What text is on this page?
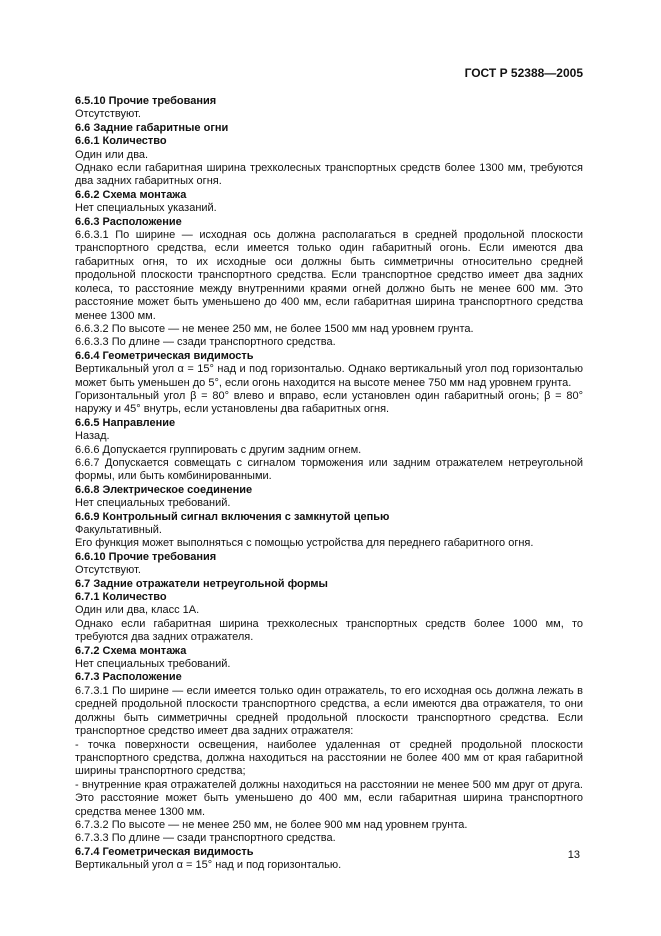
ГОСТ Р 52388—2005

6.5.10 Прочие требования

Отсутствуют.

6.6 Задние габаритные огни

6.6.1 Количество

Один или два.

Однако если габаритная ширина трехколесных транспортных средств более 1300 мм, требуются два задних габаритных огня.

6.6.2 Схема монтажа

Нет специальных указаний.

6.6.3 Расположение

6.6.3.1 По ширине — исходная ось должна располагаться в средней продольной плоскости транспортного средства, если имеется только один габаритный огонь. Если имеются два габаритных огня, то их исходные оси должны быть симметричны относительно средней продольной плоскости транспортного средства. Если транспортное средство имеет два задних колеса, то расстояние между внутренними краями огней должно быть не менее 600 мм. Это расстояние может быть уменьшено до 400 мм, если габаритная ширина транспортного средства менее 1300 мм.

6.6.3.2 По высоте — не менее 250 мм, не более 1500 мм над уровнем грунта.

6.6.3.3 По длине — сзади транспортного средства.

6.6.4 Геометрическая видимость

Вертикальный угол α = 15° над и под горизонталью. Однако вертикальный угол под горизонталью может быть уменьшен до 5°, если огонь находится на высоте менее 750 мм над уровнем грунта.

Горизонтальный угол β = 80° влево и вправо, если установлен один габаритный огонь; β = 80° наружу и 45° внутрь, если установлены два габаритных огня.

6.6.5 Направление

Назад.

6.6.6 Допускается группировать с другим задним огнем.

6.6.7 Допускается совмещать с сигналом торможения или задним отражателем нетреугольной формы, или быть комбинированными.

6.6.8 Электрическое соединение

Нет специальных требований.

6.6.9 Контрольный сигнал включения с замкнутой цепью

Факультативный.

Его функция может выполняться с помощью устройства для переднего габаритного огня.

6.6.10 Прочие требования

Отсутствуют.

6.7 Задние отражатели нетреугольной формы

6.7.1 Количество

Один или два, класс 1А.

Однако если габаритная ширина трехколесных транспортных средств более 1000 мм, то требуются два задних отражателя.

6.7.2 Схема монтажа

Нет специальных требований.

6.7.3 Расположение

6.7.3.1 По ширине — если имеется только один отражатель, то его исходная ось должна лежать в средней продольной плоскости транспортного средства, а если имеются два отражателя, то они должны быть симметричны средней продольной плоскости транспортного средства. Если транспортное средство имеет два задних отражателя:

- точка поверхности освещения, наиболее удаленная от средней продольной плоскости транспортного средства, должна находиться на расстоянии не более 400 мм от края габаритной ширины транспортного средства;

- внутренние края отражателей должны находиться на расстоянии не менее 500 мм друг от друга. Это расстояние может быть уменьшено до 400 мм, если габаритная ширина транспортного средства менее 1300 мм.

6.7.3.2 По высоте — не менее 250 мм, не более 900 мм над уровнем грунта.

6.7.3.3 По длине — сзади транспортного средства.

6.7.4 Геометрическая видимость

Вертикальный угол α = 15° над и под горизонталью.

13
